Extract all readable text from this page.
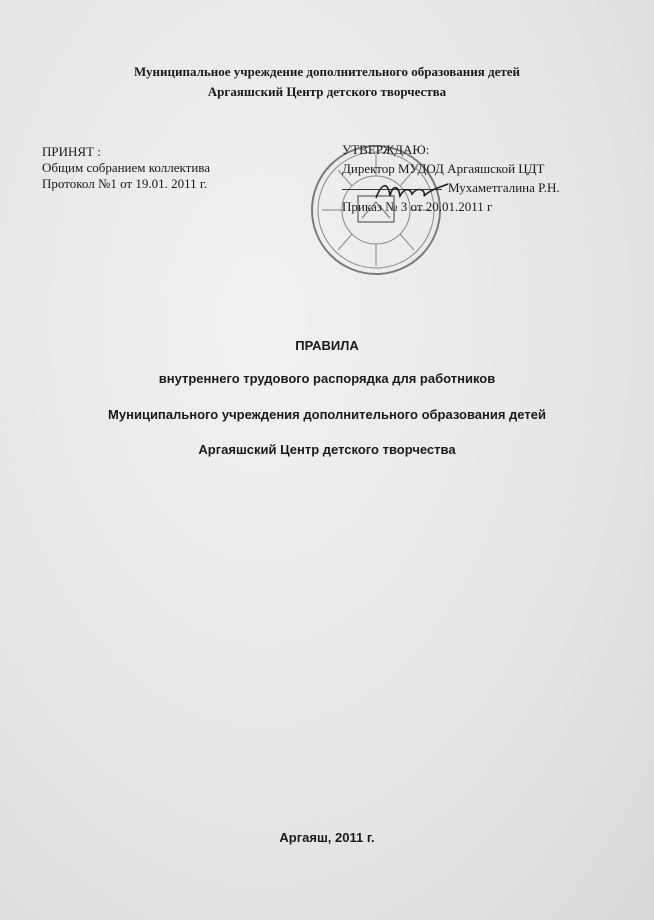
Муниципальное учреждение дополнительного образования детей
Аргаяшский Центр детского творчества
ПРИНЯТ :
Общим собранием коллектива
Протокол №1 от 19.01. 2011 г.
УТВЕРЖДАЮ:
Директор МУДОД Аргаяшской ЦДТ
Мухаметгалина Р.Н.
Приказ № 3 от 20.01.2011 г
ПРАВИЛА
внутреннего трудового распорядка для работников
Муниципального учреждения дополнительного образования детей
Аргаяшский Центр детского творчества
Аргаяш, 2011 г.
